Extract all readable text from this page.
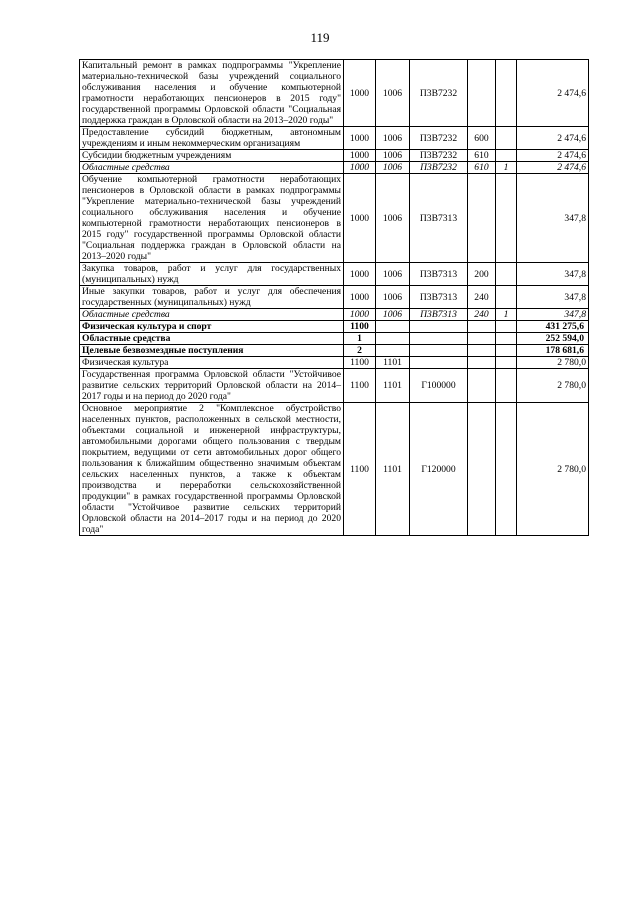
119
Капитальный ремонт в рамках подпрограммы "Укрепление материально-технической базы учреждений социального обслуживания населения и обучение компьютерной грамотности неработающих пенсионеров в 2015 году" государственной программы Орловской области "Социальная поддержка граждан в Орловской области на 2013–2020 годы"	1000	1006	П3В7232			2 474,6
Предоставление субсидий бюджетным, автономным учреждениям и иным некоммерческим организациям	1000	1006	П3В7232	600		2 474,6
Субсидии бюджетным учреждениям	1000	1006	П3В7232	610		2 474,6
Областные средства	1000	1006	П3В7232	610	1	2 474,6
Обучение компьютерной грамотности неработающих пенсионеров в Орловской области в рамках подпрограммы "Укрепление материально-технической базы учреждений социального обслуживания населения и обучение компьютерной грамотности неработающих пенсионеров в 2015 году" государственной программы Орловской области "Социальная поддержка граждан в Орловской области на 2013–2020 годы"	1000	1006	П3В7313			347,8
Закупка товаров, работ и услуг для государственных (муниципальных) нужд	1000	1006	П3В7313	200		347,8
Иные закупки товаров, работ и услуг для обеспечения государственных (муниципальных) нужд	1000	1006	П3В7313	240		347,8
Областные средства	1000	1006	П3В7313	240	1	347,8
Физическая культура и спорт	1100					431 275,6
Областные средства	1					252 594,0
Целевые безвозмездные поступления	2					178 681,6
Физическая культура	1100	1101				2 780,0
Государственная программа Орловской области "Устойчивое развитие сельских территорий Орловской области на 2014–2017 годы и на период до 2020 года"	1100	1101	Г100000			2 780,0
Основное мероприятие 2 "Комплексное обустройство населенных пунктов, расположенных в сельской местности, объектами социальной и инженерной инфраструктуры, автомобильными дорогами общего пользования с твердым покрытием, ведущими от сети автомобильных дорог общего пользования к ближайшим общественно значимым объектам сельских населенных пунктов, а также к объектам производства и переработки сельскохозяйственной продукции" в рамках государственной программы Орловской области "Устойчивое развитие сельских территорий Орловской области на 2014–2017 годы и на период до 2020 года"	1100	1101	Г120000			2 780,0
